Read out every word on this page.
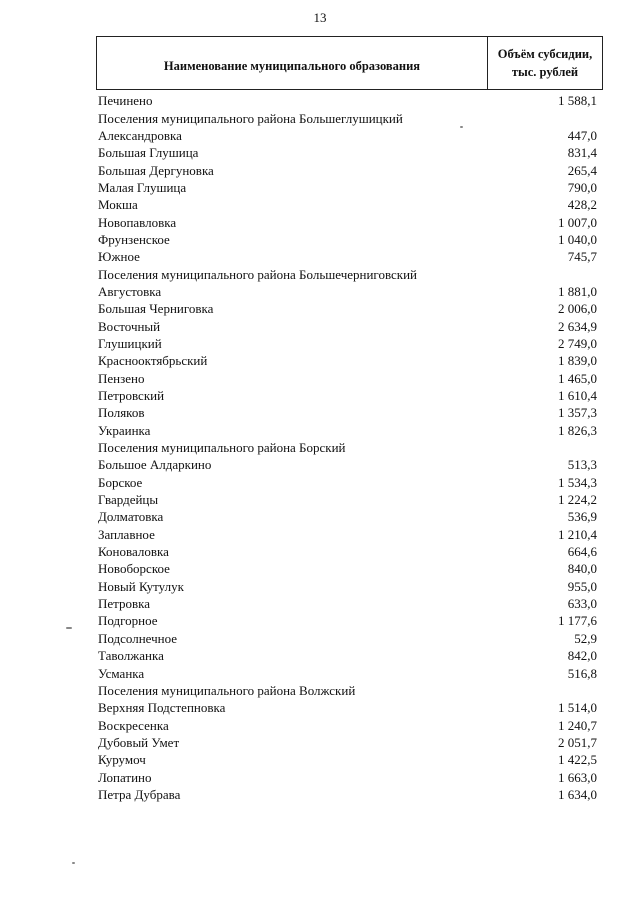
13
Наименование муниципального образования
Объём субсидии,
тыс. рублей
Печинено	1 588,1
Поселения муниципального района Большеглушицкий
Александровка	447,0
Большая Глушица	831,4
Большая Дергуновка	265,4
Малая Глушица	790,0
Мокша	428,2
Новопавловка	1 007,0
Фрунзенское	1 040,0
Южное	745,7
Поселения муниципального района Большечерниговский
Августовка	1 881,0
Большая Черниговка	2 006,0
Восточный	2 634,9
Глушицкий	2 749,0
Краснооктябрьский	1 839,0
Пензено	1 465,0
Петровский	1 610,4
Поляков	1 357,3
Украинка	1 826,3
Поселения муниципального района Борский
Большое Алдаркино	513,3
Борское	1 534,3
Гвардейцы	1 224,2
Долматовка	536,9
Заплавное	1 210,4
Коноваловка	664,6
Новоборское	840,0
Новый Кутулук	955,0
Петровка	633,0
Подгорное	1 177,6
Подсолнечное	52,9
Таволжанка	842,0
Усманка	516,8
Поселения муниципального района Волжский
Верхняя Подстепновка	1 514,0
Воскресенка	1 240,7
Дубовый Умет	2 051,7
Курумоч	1 422,5
Лопатино	1 663,0
Петра Дубрава	1 634,0
